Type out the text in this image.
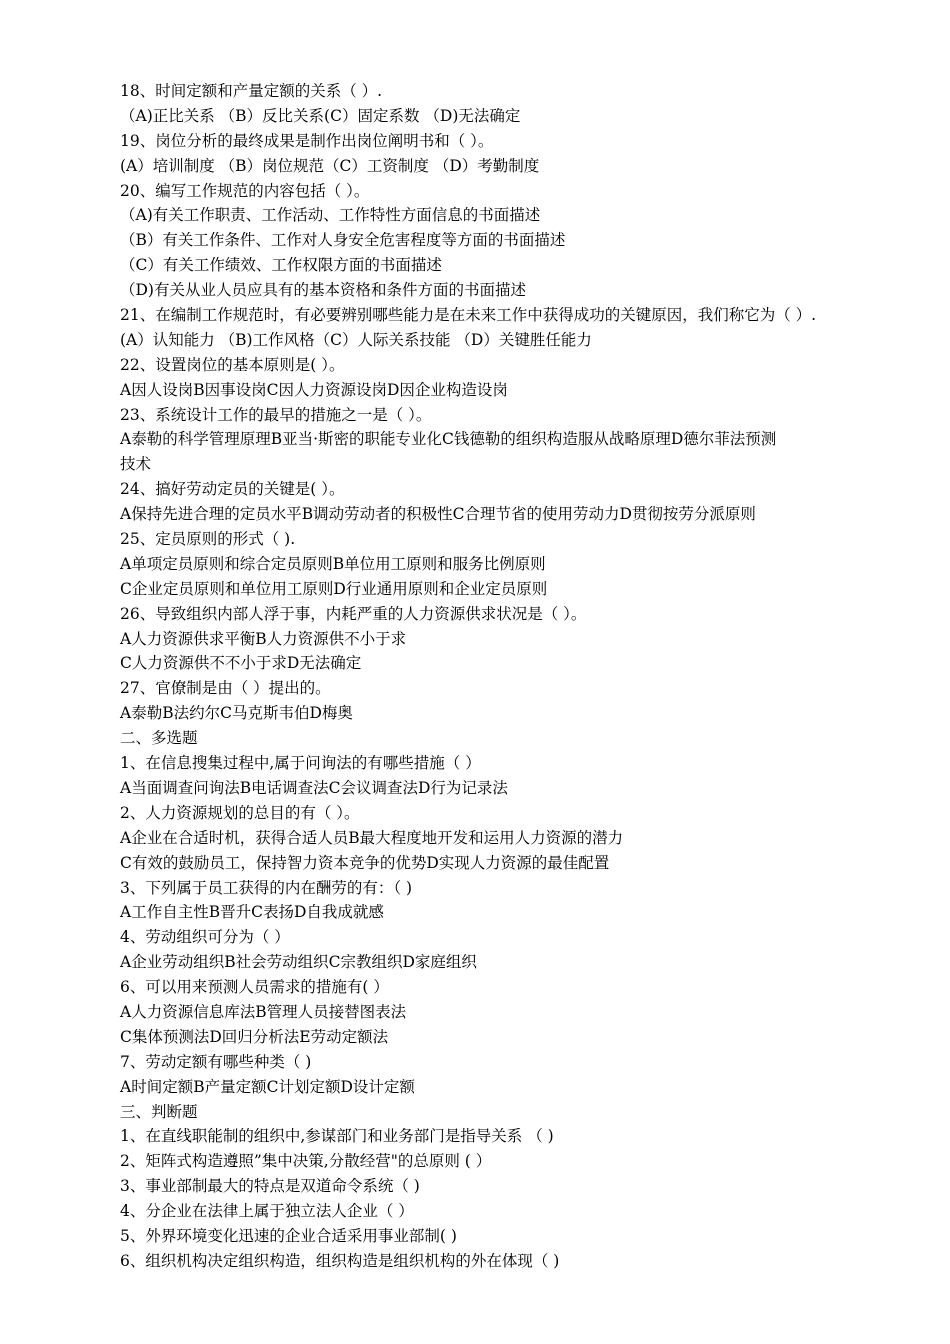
18、时间定额和产量定额的关系（ ）.
（A)正比关系 （B）反比关系(C）固定系数 （D)无法确定
19、岗位分析的最终成果是制作出岗位阐明书和（ ）。
(A）培训制度 （B）岗位规范（C）工资制度 （D）考勤制度
20、编写工作规范的内容包括（ ）。
（A)有关工作职责、工作活动、工作特性方面信息的书面描述
（B）有关工作条件、工作对人身安全危害程度等方面的书面描述
（C）有关工作绩效、工作权限方面的书面描述
（D)有关从业人员应具有的基本资格和条件方面的书面描述
21、在编制工作规范时，有必要辨别哪些能力是在未来工作中获得成功的关键原因，我们称它为（ ）.
(A）认知能力 （B)工作风格（C）人际关系技能 （D）关键胜任能力
22、设置岗位的基本原则是( ）。
A因人设岗B因事设岗C因人力资源设岗D因企业构造设岗
23、系统设计工作的最早的措施之一是（ ）。
A泰勒的科学管理原理B亚当·斯密的职能专业化C钱德勒的组织构造服从战略原理D德尔菲法预测
技术
24、搞好劳动定员的关键是( ）。
A保持先进合理的定员水平B调动劳动者的积极性C合理节省的使用劳动力D贯彻按劳分派原则
25、定员原则的形式（ ).
A单项定员原则和综合定员原则B单位用工原则和服务比例原则
C企业定员原则和单位用工原则D行业通用原则和企业定员原则
26、导致组织内部人浮于事，内耗严重的人力资源供求状况是（ ）。
A人力资源供求平衡B人力资源供不小于求
C人力资源供不不小于求D无法确定
27、官僚制是由（ ）提出的。
A泰勒B法约尔C马克斯韦伯D梅奥
二、多选题
1、在信息搜集过程中,属于问询法的有哪些措施（ ）
A当面调查问询法B电话调查法C会议调查法D行为记录法
2、人力资源规划的总目的有（ ）。
A企业在合适时机，获得合适人员B最大程度地开发和运用人力资源的潜力
C有效的鼓励员工，保持智力资本竞争的优势D实现人力资源的最佳配置
3、下列属于员工获得的内在酬劳的有：（ )
A工作自主性B晋升C表扬D自我成就感
4、劳动组织可分为（ ）
A企业劳动组织B社会劳动组织C宗教组织D家庭组织
6、可以用来预测人员需求的措施有( ）
A人力资源信息库法B管理人员接替图表法
C集体预测法D回归分析法E劳动定额法
7、劳动定额有哪些种类（ )
A时间定额B产量定额C计划定额D设计定额
三、判断题
1、在直线职能制的组织中,参谋部门和业务部门是指导关系 （ )
2、矩阵式构造遵照”集中决策,分散经营"的总原则 ( ）
3、事业部制最大的特点是双道命令系统（ )
4、分企业在法律上属于独立法人企业（ ）
5、外界环境变化迅速的企业合适采用事业部制( )
6、组织机构决定组织构造，组织构造是组织机构的外在体现（ )
